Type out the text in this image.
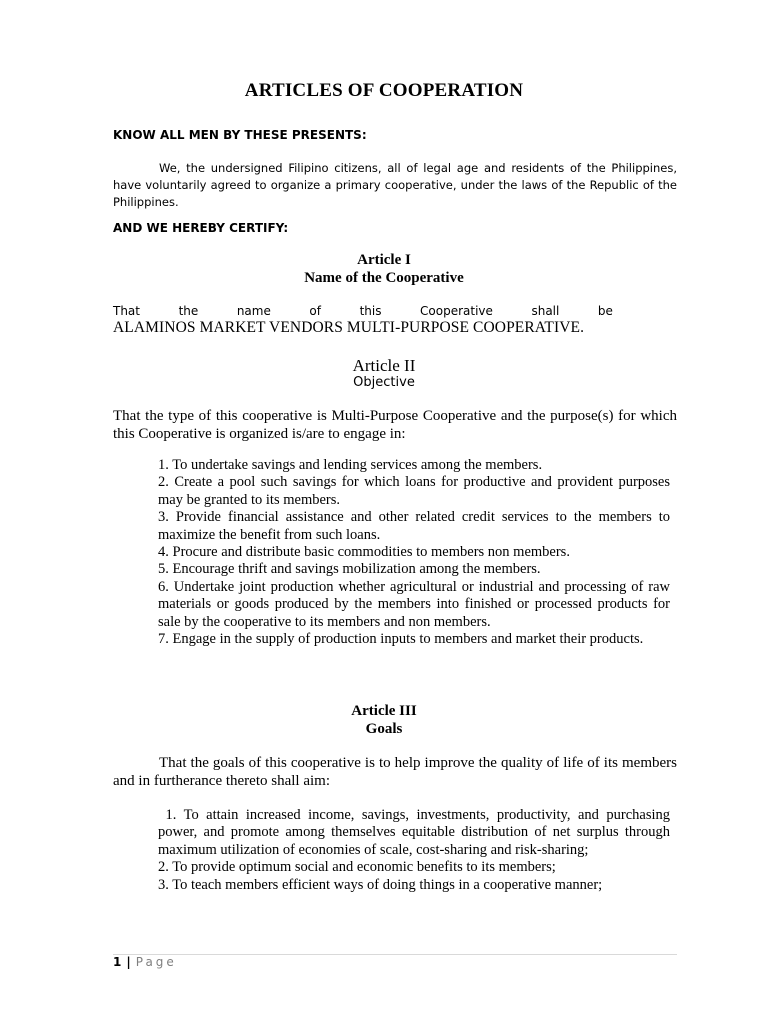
ARTICLES OF COOPERATION
KNOW ALL MEN BY THESE PRESENTS:
We, the undersigned Filipino citizens, all of legal age and residents of the Philippines, have voluntarily agreed to organize a primary cooperative, under the laws of the Republic of the Philippines.
AND WE HEREBY CERTIFY:
Article I
Name of the Cooperative
That	the	name	of	this	Cooperative	shall	be
ALAMINOS MARKET VENDORS MULTI-PURPOSE COOPERATIVE.
Article II
Objective
That the type of this cooperative is Multi-Purpose Cooperative and the purpose(s) for which this Cooperative is organized is/are to engage in:
1. To undertake savings and lending services among the members.
2. Create a pool such savings for which loans for productive and provident purposes may be granted to its members.
3. Provide financial assistance and other related credit services to the members to maximize the benefit from such loans.
4. Procure and distribute basic commodities to members non members.
5. Encourage thrift and savings mobilization among the members.
6. Undertake joint production whether agricultural or industrial and processing of raw materials or goods produced by the members into finished or processed products for sale by the cooperative to its members and non members.
7. Engage in the supply of production inputs to members and market their products.
Article III
Goals
That the goals of this cooperative is to help improve the quality of life of its members and in furtherance thereto shall aim:
1. To attain increased income, savings, investments, productivity, and purchasing power, and promote among themselves equitable distribution of net surplus through maximum utilization of economies of scale, cost-sharing and risk-sharing;
2. To provide optimum social and economic benefits to its members;
3. To teach members efficient ways of doing things in a cooperative manner;
1 | Page
